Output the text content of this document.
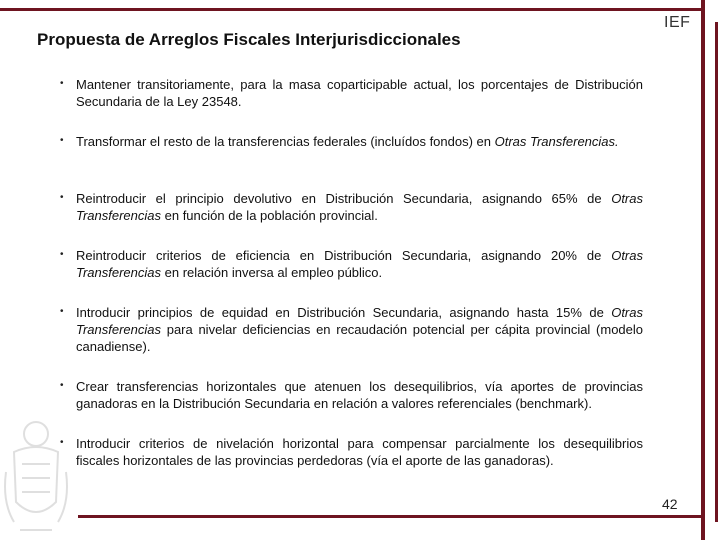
IEF
Propuesta de Arreglos Fiscales Interjurisdiccionales
• Mantener transitoriamente, para la masa coparticipable actual, los porcentajes de Distribución Secundaria de la Ley 23548.
• Transformar el resto de la transferencias federales (incluídos fondos) en Otras Transferencias.
• Reintroducir el principio devolutivo en Distribución Secundaria, asignando 65% de Otras Transferencias en función de la población provincial.
• Reintroducir criterios de eficiencia en Distribución Secundaria, asignando 20% de Otras Transferencias en relación inversa al empleo público.
• Introducir principios de equidad en Distribución Secundaria, asignando hasta 15% de Otras Transferencias para nivelar deficiencias en recaudación potencial per cápita provincial (modelo canadiense).
• Crear transferencias horizontales que atenuen los desequilibrios, vía aportes de provincias ganadoras en la Distribución Secundaria en relación a valores referenciales (benchmark).
• Introducir criterios de nivelación horizontal para compensar parcialmente los desequilibrios fiscales horizontales de las provincias perdedoras (vía el aporte de las ganadoras).
42
